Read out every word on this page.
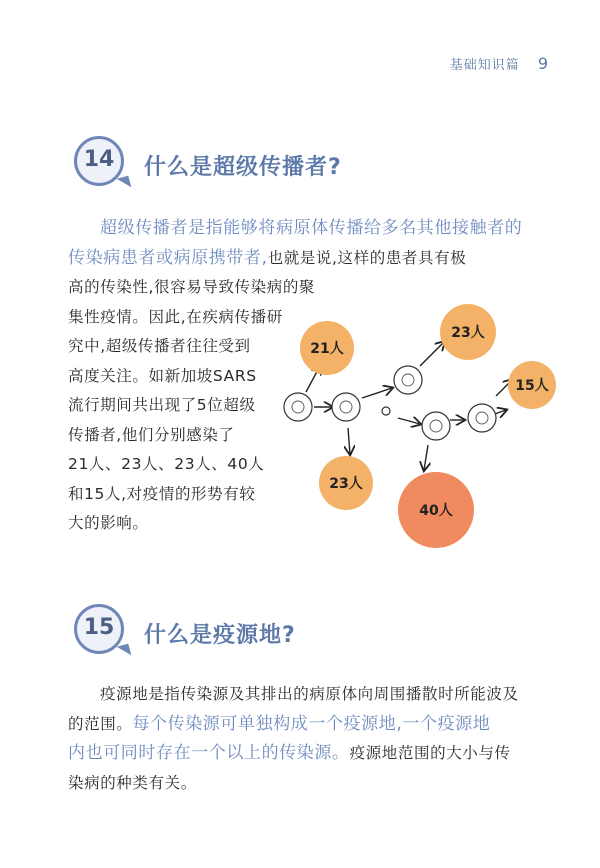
基础知识篇 9
14	什么是超级传播者?
超级传播者是指能够将病原体传播给多名其他接触者的传染病患者或病原携带者,也就是说,这样的患者具有极
高的传染性,很容易导致传染病的聚
集性疫情。因此,在疾病传播研
究中,超级传播者往往受到
高度关注。如新加坡SARS
流行期间共出现了5位超级
传播者,他们分别感染了
21人、23人、23人、40人
和15人,对疫情的形势有较
大的影响。
21人
23人
15人
23人
40人
15	什么是疫源地?
疫源地是指传染源及其排出的病原体向周围播散时所能波及
的范围。每个传染源可单独构成一个疫源地,一个疫源地
内也可同时存在一个以上的传染源。疫源地范围的大小与传
染病的种类有关。
